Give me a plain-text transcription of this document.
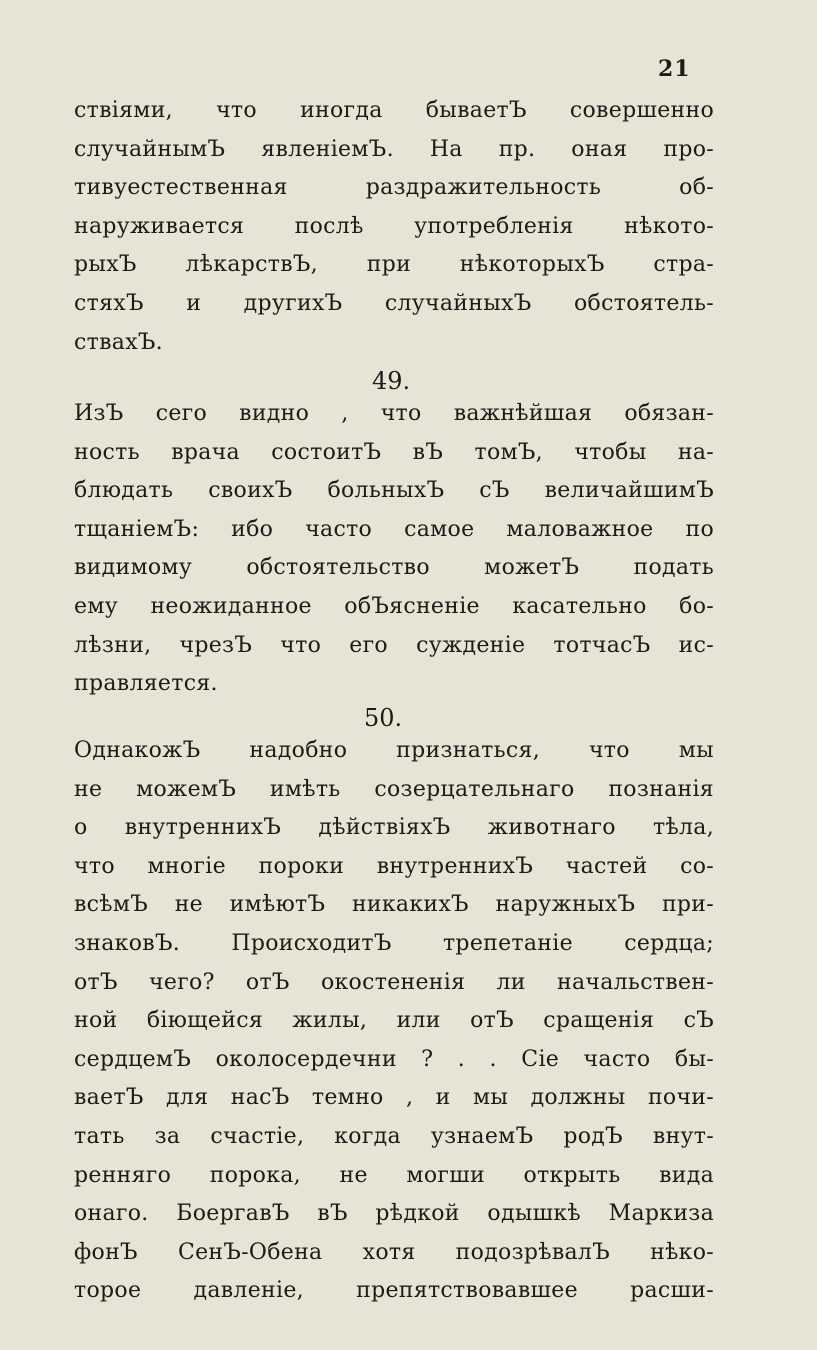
21
ствіями, что иногда бываетЪ совершенно
случайнымЪ явленіемЪ. На пр. оная про-
тивуестественная раздражительность об-
наруживается послѣ употребленія нѣкото-
рыхЪ лѣкарствЪ, при нѣкоторыхЪ стра-
стяхЪ и другихЪ случайныхЪ обстоятель-
ствахЪ.
49.
ИзЪ сего видно , что важнѣйшая обязан-
ность врача состоитЪ вЪ томЪ, чтобы на-
блюдать своихЪ больныхЪ сЪ величайшимЪ
тщаніемЪ: ибо часто самое маловажное по
видимому обстоятельство можетЪ подать
ему неожиданное обЪясненіе касательно бо-
лѣзни, чрезЪ что его сужденіе тотчасЪ ис-
правляется.
50.
ОднакожЪ надобно признаться, что мы
не можемЪ имѣть созерцательнаго познанія
о внутреннихЪ дѣйствіяхЪ животнаго тѣла,
что многіе пороки внутреннихЪ частей со-
всѣмЪ не имѣютЪ никакихЪ наружныхЪ при-
знаковЪ. ПроисходитЪ трепетаніе сердца;
отЪ чего? отЪ окостененія ли начальствен-
ной біющейся жилы, или отЪ сращенія сЪ
сердцемЪ околосердечни ? . . Сіе часто бы-
ваетЪ для насЪ темно , и мы должны почи-
тать за счастіе, когда узнаемЪ родЪ внут-
ренняго порока, не могши открыть вида
онаго. БоергавЪ вЪ рѣдкой одышкѣ Маркиза
фонЪ СенЪ-Обена хотя подозрѣвалЪ нѣко-
торое давленіе, препятствовавшее расши-
